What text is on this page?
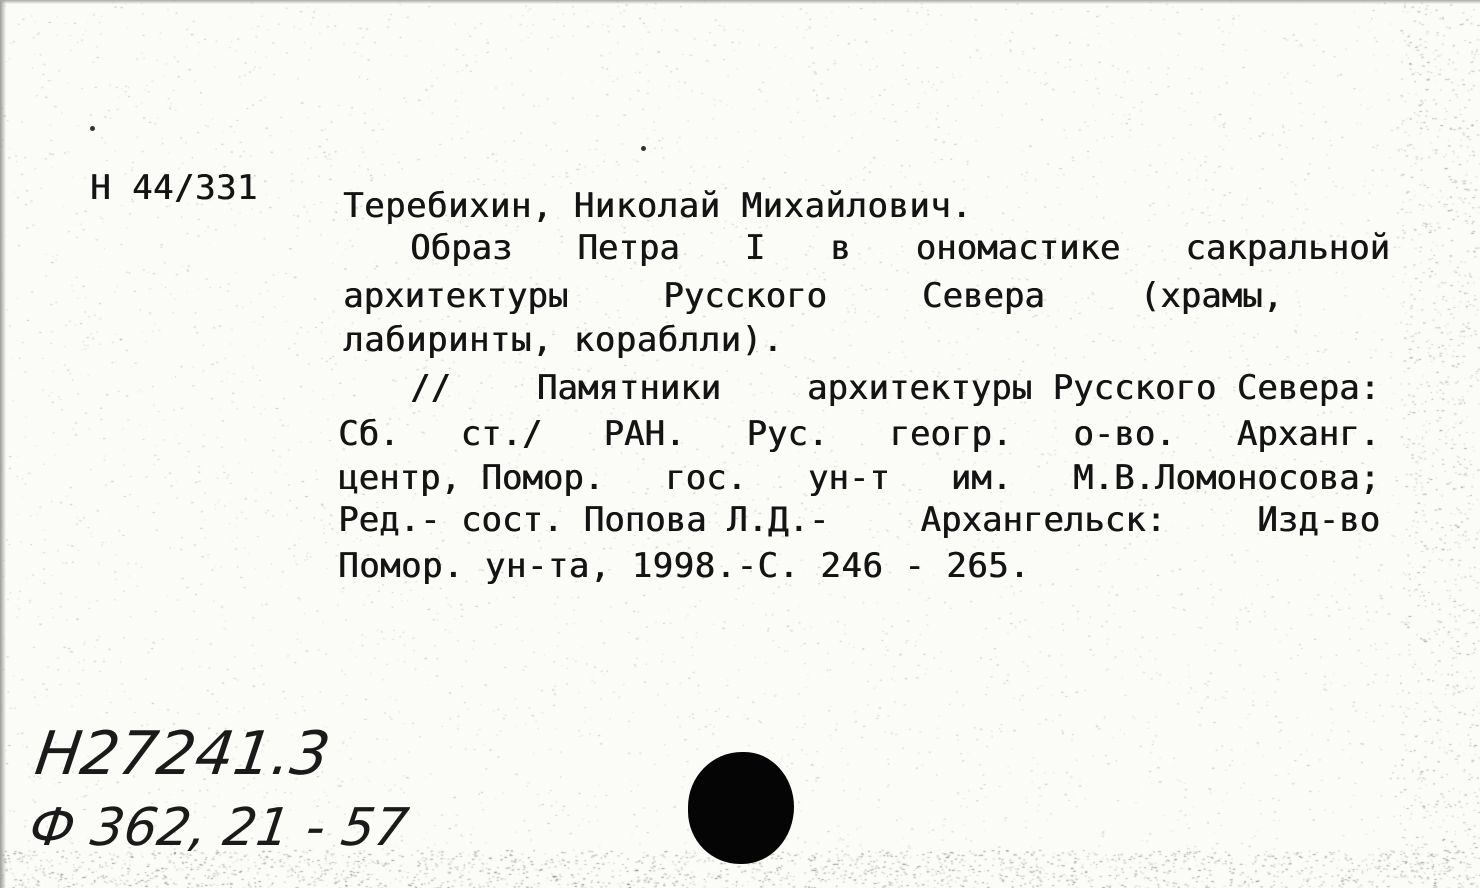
Н 44/331	Теребихин, Николай Михайлович.
Образ Петра I в ономастике сакральной
архитектуры	Русского	Севера	(храмы,
лабиринты, кораблли).
//	Памятники	архитектуры Русского Севера:
Сб. ст./ РАН. Рус. геогр. о-во. Арханг.
центр, Помор. гос. ун-т им. М.В.Ломоносова;
Ред.- сост. Попова Л.Д.-	Архангельск:	Изд-во
Помор. ун-та, 1998.-С. 246 - 265.
Н27241.3
Ф 362, 21 - 57
